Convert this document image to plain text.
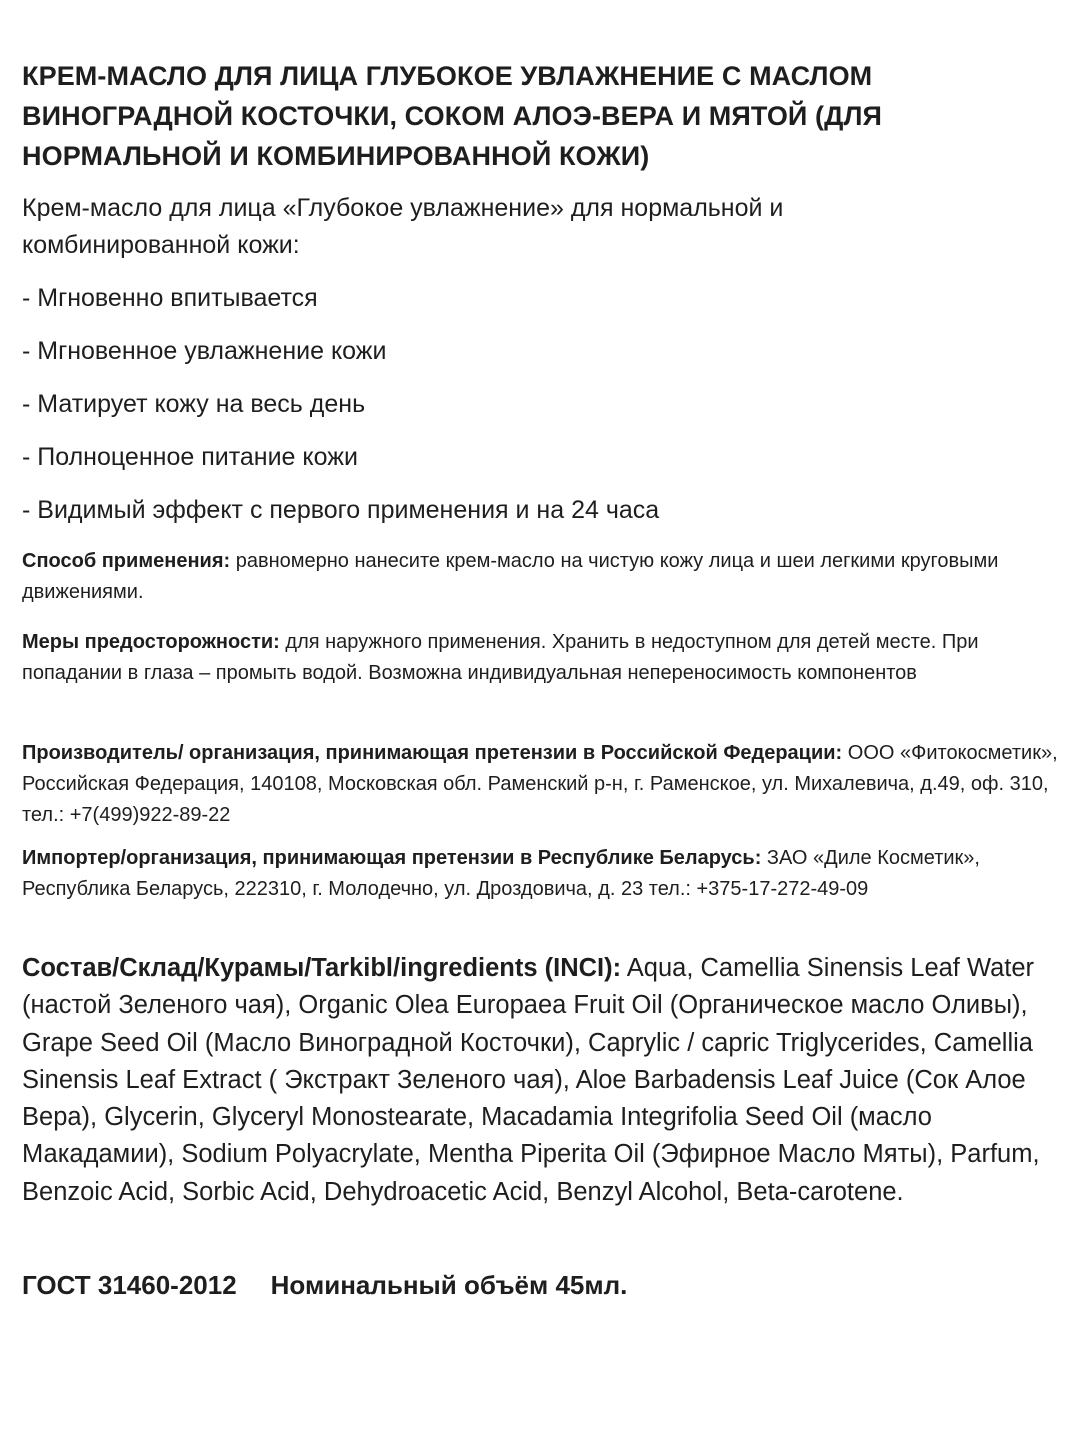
КРЕМ-МАСЛО ДЛЯ ЛИЦА ГЛУБОКОЕ УВЛАЖНЕНИЕ С МАСЛОМ ВИНОГРАДНОЙ КОСТОЧКИ, СОКОМ АЛОЭ-ВЕРА И МЯТОЙ (ДЛЯ НОРМАЛЬНОЙ И КОМБИНИРОВАННОЙ КОЖИ)

Крем-масло для лица «Глубокое увлажнение» для нормальной и комбинированной кожи:

- Мгновенно впитывается
- Мгновенное увлажнение кожи
- Матирует кожу на весь день
- Полноценное питание кожи
- Видимый эффект с первого применения и на 24 часа

Способ применения: равномерно нанесите крем-масло на чистую кожу лица и шеи легкими круговыми движениями.

Меры предосторожности: для наружного применения. Хранить в недоступном для детей месте. При попадании в глаза – промыть водой. Возможна индивидуальная непереносимость компонентов

Производитель/ организация, принимающая претензии в Российской Федерации: ООО «Фитокосметик», Российская Федерация, 140108, Московская обл. Раменский р-н, г. Раменское, ул. Михалевича, д.49, оф. 310, тел.: +7(499)922-89-22

Импортер/организация, принимающая претензии в Республике Беларусь: ЗАО «Диле Косметик», Республика Беларусь, 222310, г. Молодечно, ул. Дроздовича, д. 23 тел.: +375-17-272-49-09

Состав/Склад/Курамы/Tarkibl/ingredients (INCI): Aqua, Camellia Sinensis Leaf Water (настой Зеленого чая), Organic Olea Europaea Fruit Oil (Органическое масло Оливы), Grape Seed Oil (Масло Виноградной Косточки), Caprylic / capric Triglycerides, Camellia Sinensis Leaf Extract ( Экстракт Зеленого чая), Aloe Barbadensis Leaf Juice (Сок Алое Вера), Glycerin, Glyceryl Monostearate, Macadamia Integrifolia Seed Oil (масло Макадамии), Sodium Polyacrylate, Mentha Piperita Oil (Эфирное Масло Мяты), Parfum, Benzoic Acid, Sorbic Acid, Dehydroacetic Acid, Benzyl Alcohol, Beta-carotene.

ГОСТ 31460-2012 Номинальный объём 45мл.
